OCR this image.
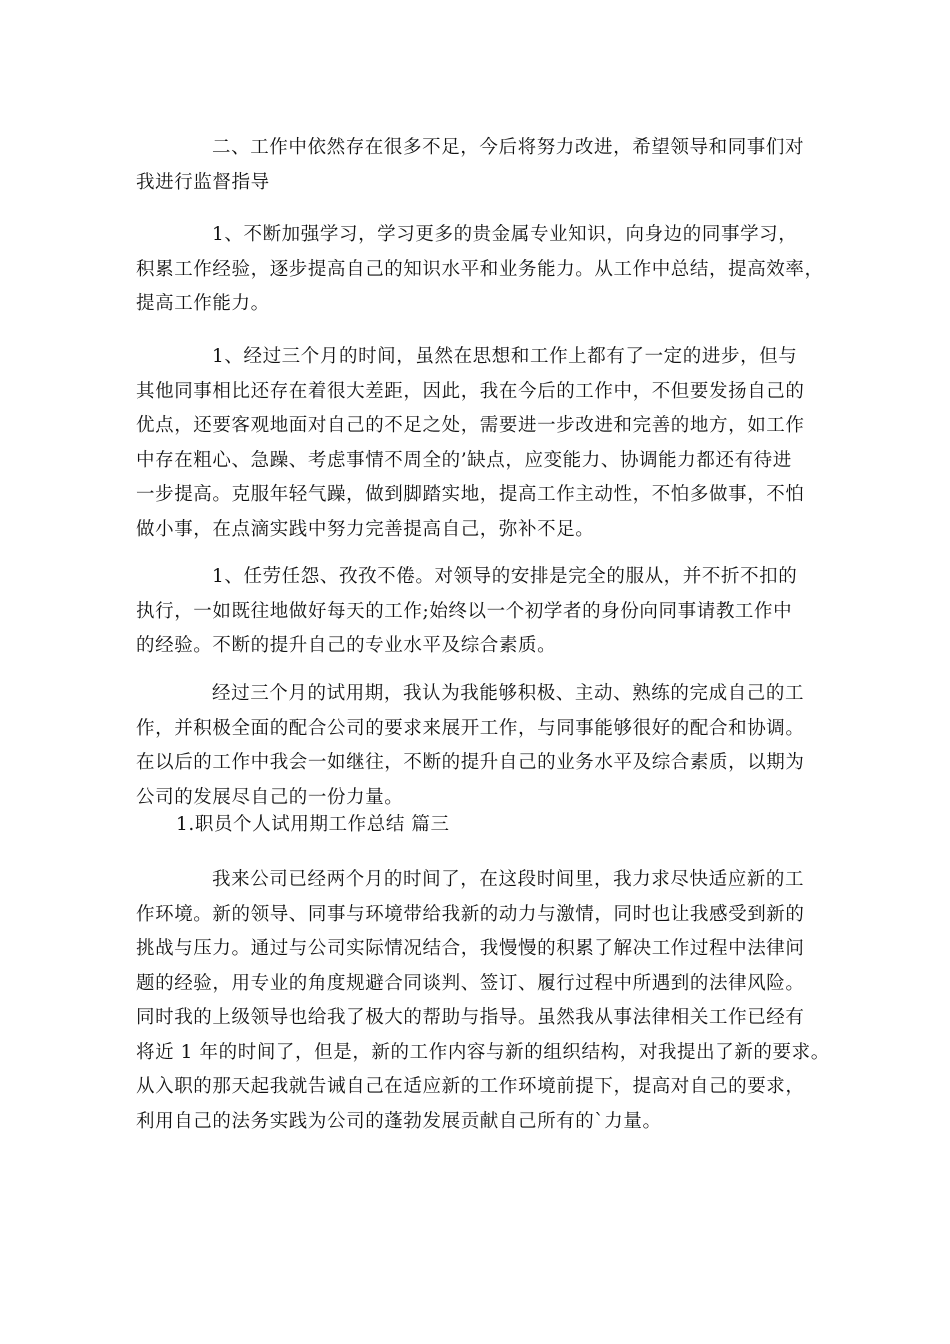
二、工作中依然存在很多不足，今后将努力改进，希望领导和同事们对
我进行监督指导
1、不断加强学习，学习更多的贵金属专业知识，向身边的同事学习，
积累工作经验，逐步提高自己的知识水平和业务能力。从工作中总结，提高效率，
提高工作能力。
1、经过三个月的时间，虽然在思想和工作上都有了一定的进步，但与
其他同事相比还存在着很大差距，因此，我在今后的工作中，不但要发扬自己的
优点，还要客观地面对自己的不足之处，需要进一步改进和完善的地方，如工作
中存在粗心、急躁、考虑事情不周全的’缺点，应变能力、协调能力都还有待进
一步提高。克服年轻气躁，做到脚踏实地，提高工作主动性，不怕多做事，不怕
做小事，在点滴实践中努力完善提高自己，弥补不足。
1、任劳任怨、孜孜不倦。对领导的安排是完全的服从，并不折不扣的
执行，一如既往地做好每天的工作;始终以一个初学者的身份向同事请教工作中
的经验。不断的提升自己的专业水平及综合素质。
经过三个月的试用期，我认为我能够积极、主动、熟练的完成自己的工
作，并积极全面的配合公司的要求来展开工作，与同事能够很好的配合和协调。
在以后的工作中我会一如继往，不断的提升自己的业务水平及综合素质，以期为
公司的发展尽自己的一份力量。
1.职员个人试用期工作总结 篇三
我来公司已经两个月的时间了，在这段时间里，我力求尽快适应新的工
作环境。新的领导、同事与环境带给我新的动力与激情，同时也让我感受到新的
挑战与压力。通过与公司实际情况结合，我慢慢的积累了解决工作过程中法律问
题的经验，用专业的角度规避合同谈判、签订、履行过程中所遇到的法律风险。
同时我的上级领导也给我了极大的帮助与指导。虽然我从事法律相关工作已经有
将近 1 年的时间了，但是，新的工作内容与新的组织结构，对我提出了新的要求。
从入职的那天起我就告诫自己在适应新的工作环境前提下，提高对自己的要求，
利用自己的法务实践为公司的蓬勃发展贡献自己所有的`力量。
